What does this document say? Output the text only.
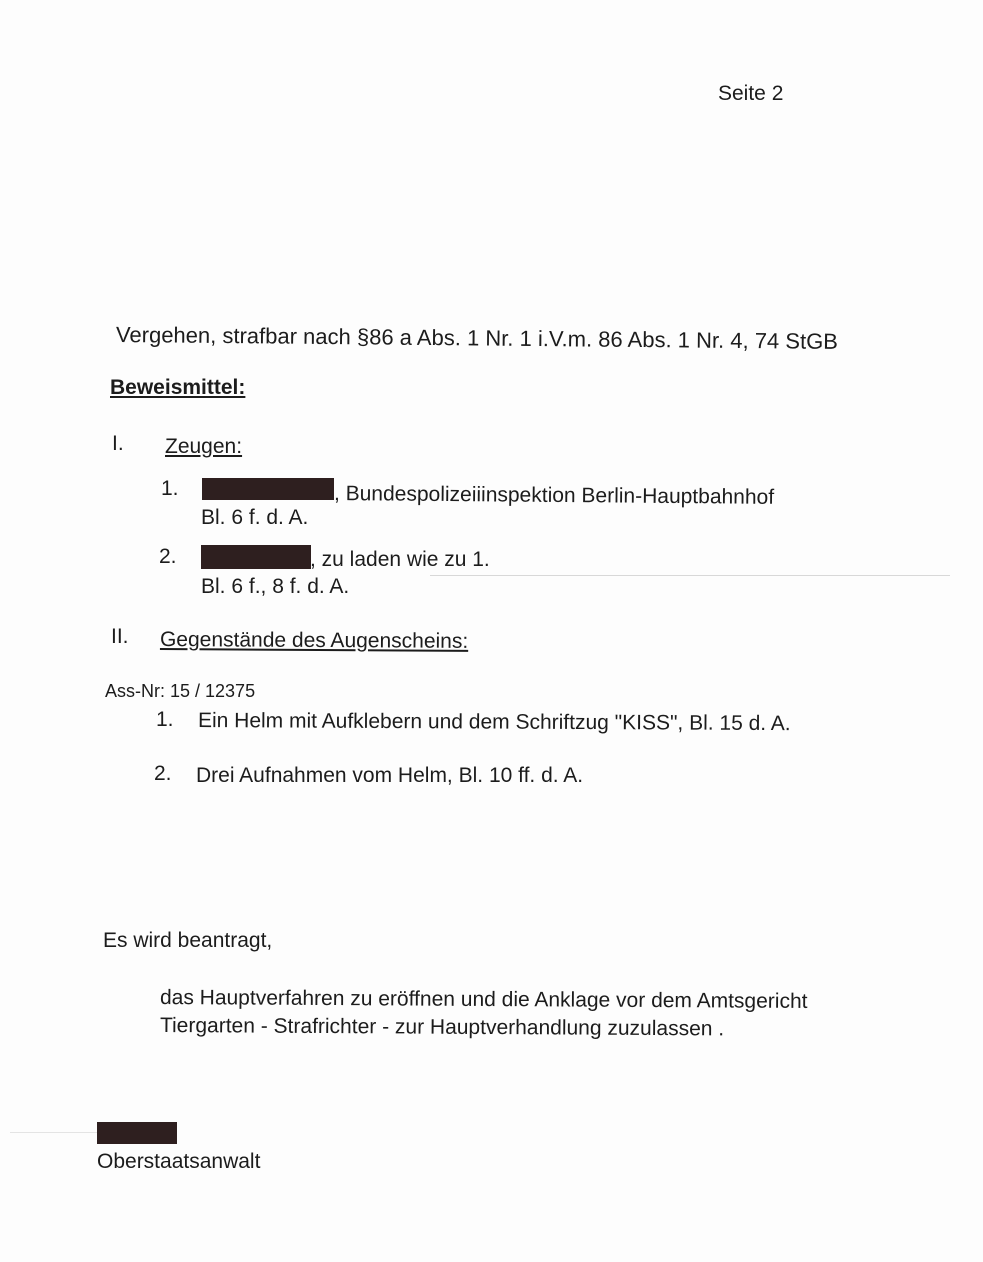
Seite 2
Vergehen, strafbar nach §86 a Abs. 1 Nr. 1 i.V.m. 86 Abs. 1 Nr. 4, 74 StGB
Beweismittel:
I. Zeugen:
1.	, Bundespolizeiiinspektion Berlin-Hauptbahnhof
Bl. 6 f. d. A.
2.	, zu laden wie zu 1.
Bl. 6 f., 8 f. d. A.
II. Gegenstände des Augenscheins:
Ass-Nr: 15 / 12375
1. Ein Helm mit Aufklebern und dem Schriftzug "KISS", Bl. 15 d. A.
2. Drei Aufnahmen vom Helm, Bl. 10 ff. d. A.
Es wird beantragt,
das Hauptverfahren zu eröffnen und die Anklage vor dem Amtsgericht
Tiergarten - Strafrichter - zur Hauptverhandlung zuzulassen .
Oberstaatsanwalt
